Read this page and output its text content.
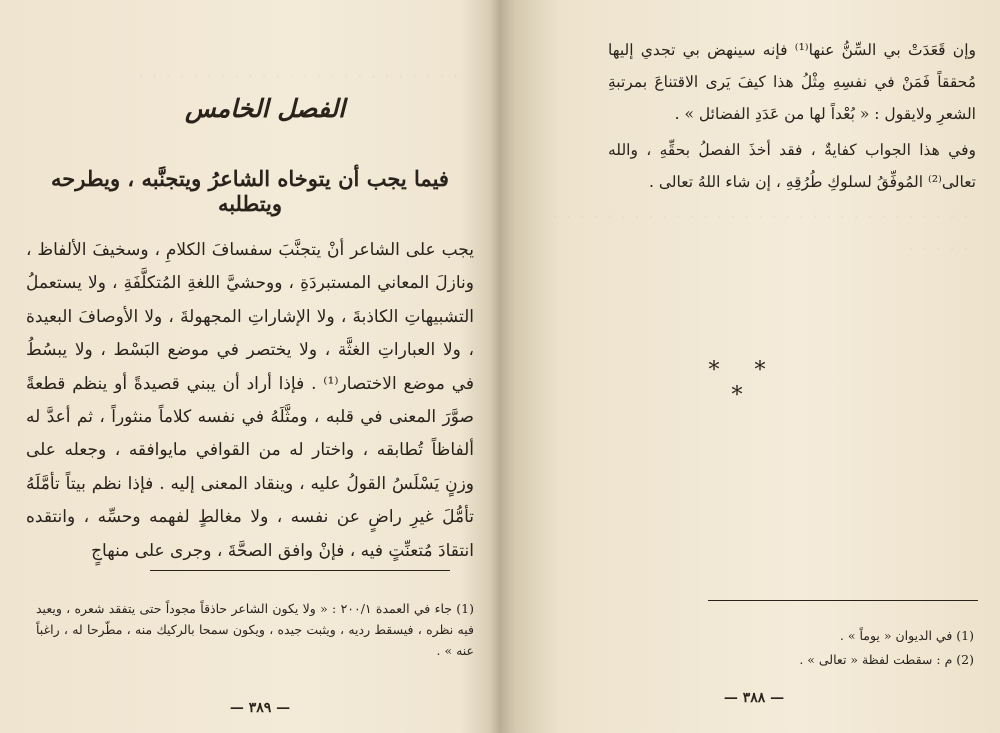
۰ ۰ ۰ ۰ ۰ ۰ ۰ ۰ ۰ ۰ ۰ ۰ ۰ ۰ ۰ ۰ ۰ ۰ ۰ ۰ ۰ ۰ ۰ ۰
۰ ۰ ۰ ۰ ۰ ۰ ۰ ۰ ۰ ۰ ۰ ۰ ۰ ۰ ۰ ۰ ۰ ۰ ۰ ۰ ۰ ۰ ۰ ۰ ۰ ۰ ۰ ۰ ۰ ۰ ۰ ۰ ۰ ۰ ۰ ۰
الفصل الخامس
فيما يجب أن يتوخاه الشاعرُ ويتجنَّبه ، ويطرحه ويتطلبه

يجب على الشاعر أنْ يتجنَّبَ سفسافَ الكلامِ ، وسخيفَ الألفاظ ، ونازلَ المعاني المستبردَةِ ، ووحشيَّ اللغةِ المُتكلَّفَةِ ، ولا يستعملُ التشبيهاتِ الكاذبةَ ، ولا الإشاراتِ المجهولةَ ، ولا الأوصافَ البعيدة ، ولا العباراتِ الغثَّة ، ولا يختصر في موضع البَسْط ، ولا يبسُطُ في موضع الاختصار⁽¹⁾ . فإذا أراد أن يبني قصيدةً أو ينظم قطعةً صوَّرَ المعنى في قلبه ، ومثَّلَهُ في نفسه كلاماً منثوراً ، ثم أعدَّ له ألفاظاً تُطابقه ، واختار له من القوافي مايوافقه ، وجعله على وزنٍ يَسْلَسُ القولُ عليه ، وينقاد المعنى إليه . فإذا نظم بيتاً تأمَّلَهُ تأمُّلَ غيرِ راضٍ عن نفسه ، ولا مغالطٍ لفهمه وحسِّه ، وانتقده انتقادَ مُتعنِّتٍ فيه ، فإنْ وافق الصحَّةَ ، وجرى على منهاجٍ

(1) جاء في العمدة ٢٠٠/١ : « ولا يكون الشاعر حاذقاً مجوداً حتى يتفقد شعره ، ويعيد فيه نظره ، فيسقط رديه ، ويثبت جيده ، ويكون سمحا بالركيك منه ، مطّرحا له ، راغباً عنه » .

— ٣٨٩ —

وإن قَعَدَتْ بي السِّنُّ عنها⁽¹⁾ فإنه سينهض بي تجدي إليها مُحققاً فَمَنْ في نفسِهِ مِثْلُ هذا كيفَ يَرى الاقتناعَ بمرتبةِ الشعرِ ولايقول : « بُعْداً لها من عَدَدِ الفضائل » .

وفي هذا الجواب كفايةٌ ، فقد أخذَ الفصلُ بحقِّهِ ، والله تعالى⁽²⁾ المُوفِّقُ لسلوكِ طُرُقِهِ ، إن شاء اللهُ تعالى .

* * *

(1) في الديوان « يوماً » .

(2) م : سقطت لفظة « تعالى » .

— ٣٨٨ —
